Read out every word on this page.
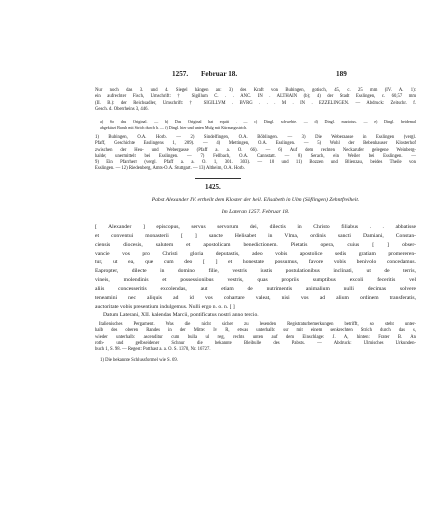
1257. Februar 18.	189
Nur noch das 3. und 4. Siegel hängen an: 3) des Kraft von Bubingen, gotisch, 45, c. 25 mm (IV. A. 1):
ein aufrechter Fisch, Umschrift: † Sigillum C. . . ANC. IN . ALTHAIN (b); 4) der Stadt Esslingen, c. 60,57 mm
(II. B.): der Reichsadler, Umschrift: † SIGILLVM . BVRG . . . M . IN . EZZELINGEN. — Abdruck: Zeitschr. f.
Gesch. d. Oberrheins 3, 446.
a) So das Original. — b) Das Original hat equiti . — c) Dingl. schwebte. — d) Dingl. mariotus. — e) Dingl. beidemal
abgekürzt Baruh mit Strich durch h. — f) Dingl. hier und unten Mulg mit Kürzungsstrich.
1) Bubingen, O.A. Horb. — 2) Sindelfingen, O.A. Böblingen. — 3) Die Weberaasse in Esslingen (vergl.
Pfaff, Geschichte Esslingens 1, 209). — 4) Mettingen, O.A. Esslingen. — 5) Wohl der Bebenhauser Klosterhof
zwischen der Heu- und Webergasse (Pfaff a. a. O. 66). — 6) Auf dem rechten Neckarufer gelegene Weinberg-
halde; unermittelt bei Esslingen. — 7) Fellbach, O.A. Cannstatt. — 8) Serach, ein Weiler bei Esslingen. —
9) Ein Pfarrherr (vergl. Pfaff a. a. O. 1, 301. 303). — 10 und 11) Bozzen und Blienzau, beides Theile von
Esslingen. — 12) Riedenberg, Amts-O.A. Stuttgart. — 13) Altheim, O.A. Horb.
1425.
Pabst Alexander IV. ertheilt dem Kloster der heil. Elisabeth in Ulm (Söflingen) Zehntfreiheit.
Im Lateran 1257. Februar 18.
[ Alexander ] episcopus, servus servorum dei, dilectis in Christo filiabus . . abbatisse
et conventui monasterii [ ] sancte Helisabet in Vlma, ordinis sancti Damiani, Constan-
ciensis diocesis, salutem et apostolicam benedictionem. Pietatis opera, cuius [ ] obser-
vancie vos pro Christi gloria deputastis, adeo vobis apostolice sedis gratiam promereren-
tur, ut ea, que cum deo [ ] et honestate possumus, favore vobis benivolo concedamus.
Eapropter, dilecte in domino filie, vestris iustis postulationibus inclinati, ut de terris,
vineis, molendinis et possessionibus vestris, quas propriis sumptibus excoli feceritis vel
aliis concesseritis excolendas, aut etiam de nutrimentis animalium nulli decimas solvere
teneamini nec aliquis ad id vos cohartare valeat, nisi vos ad alium ordinem transferatis,
auctoritate vobis presentium indulgemus. Nulli ergo n. o. n. [ ]
Datum Laterani, XII. kalendas Marcii, pontificatus nostri anno tercio.
Italienisches Pergament. Was die nicht sicher zu lesenden Registraturbemerkungen betrifft, so steht unter-
halb des oberen Randes in der Mitte: Iv R, etwas unterhalb: ssr mit einem senkrechten Strich durch das s,
wieder unterhalb: ascenditur cum bulla ul reg, rechts unten auf dem Einschlage: J. A, hinten: Frater B. An
roth- und gelbseidener Schnur die bekannte Bleibulle des Pabsts. — Abdruck: Ulmisches Urkunden-
buch 1, S. 98. — Regest: Potthast a. a. O. S. 1370, Nr. 16727.
1) Die bekannte Schlussformel wie S. 69.
